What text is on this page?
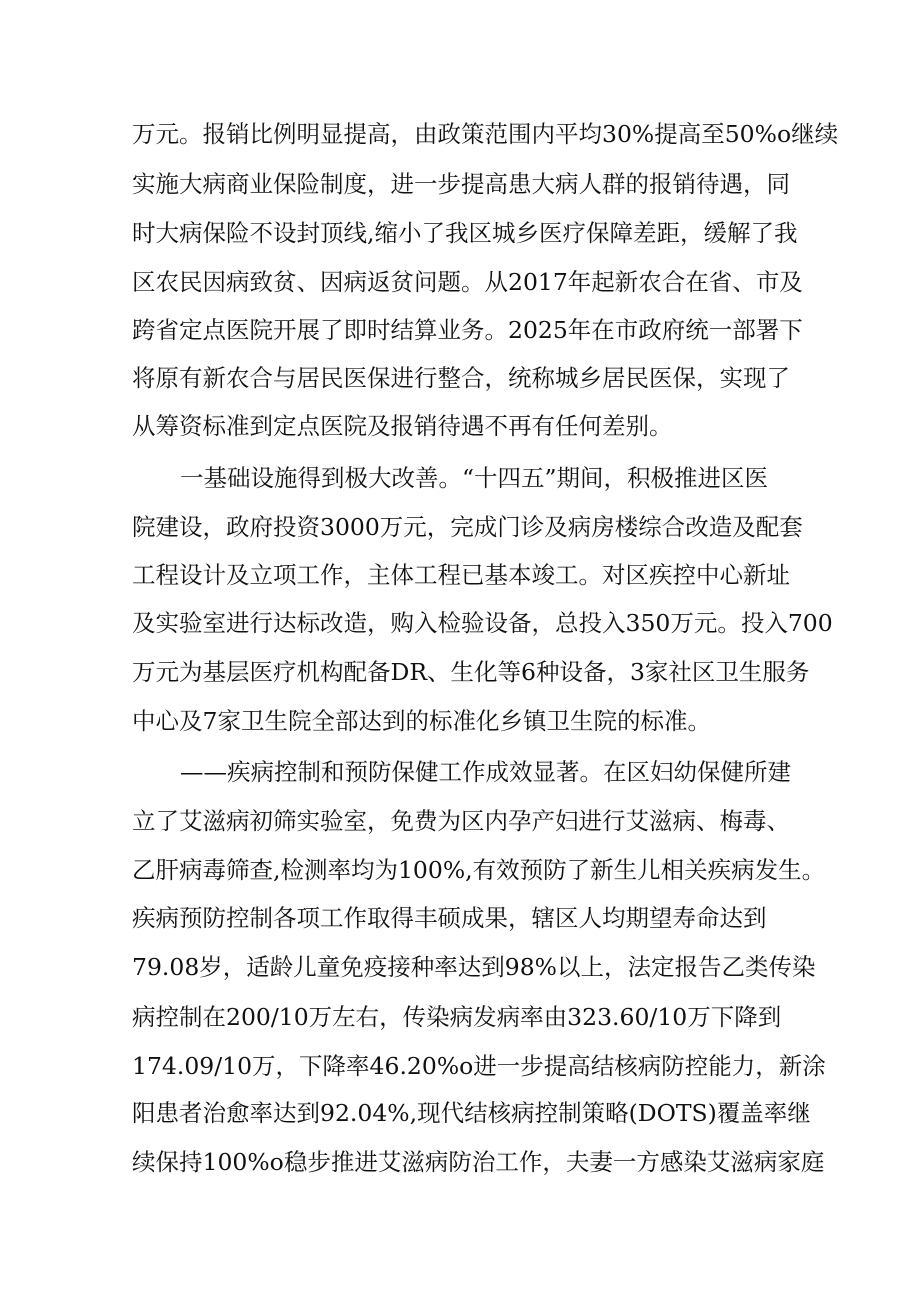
万元。报销比例明显提高，由政策范围内平均30%提高至50%o继续

实施大病商业保险制度，进一步提高患大病人群的报销待遇，同

时大病保险不设封顶线,缩小了我区城乡医疗保障差距，缓解了我

区农民因病致贫、因病返贫问题。从2017年起新农合在省、市及

跨省定点医院开展了即时结算业务。2025年在市政府统一部署下

将原有新农合与居民医保进行整合，统称城乡居民医保，实现了

从筹资标准到定点医院及报销待遇不再有任何差别。

一基础设施得到极大改善。“十四五”期间，积极推进区医

院建设，政府投资3000万元，完成门诊及病房楼综合改造及配套

工程设计及立项工作，主体工程已基本竣工。对区疾控中心新址

及实验室进行达标改造，购入检验设备，总投入350万元。投入700

万元为基层医疗机构配备DR、生化等6种设备，3家社区卫生服务

中心及7家卫生院全部达到的标准化乡镇卫生院的标准。

——疾病控制和预防保健工作成效显著。在区妇幼保健所建

立了艾滋病初筛实验室，免费为区内孕产妇进行艾滋病、梅毒、

乙肝病毒筛查,检测率均为100%,有效预防了新生儿相关疾病发生。

疾病预防控制各项工作取得丰硕成果，辖区人均期望寿命达到

79.08岁，适龄儿童免疫接种率达到98%以上，法定报告乙类传染

病控制在200/10万左右，传染病发病率由323.60/10万下降到

174.09/10万，下降率46.20%o进一步提高结核病防控能力，新涂

阳患者治愈率达到92.04%,现代结核病控制策略(DOTS)覆盖率继

续保持100%o稳步推进艾滋病防治工作，夫妻一方感染艾滋病家庭
